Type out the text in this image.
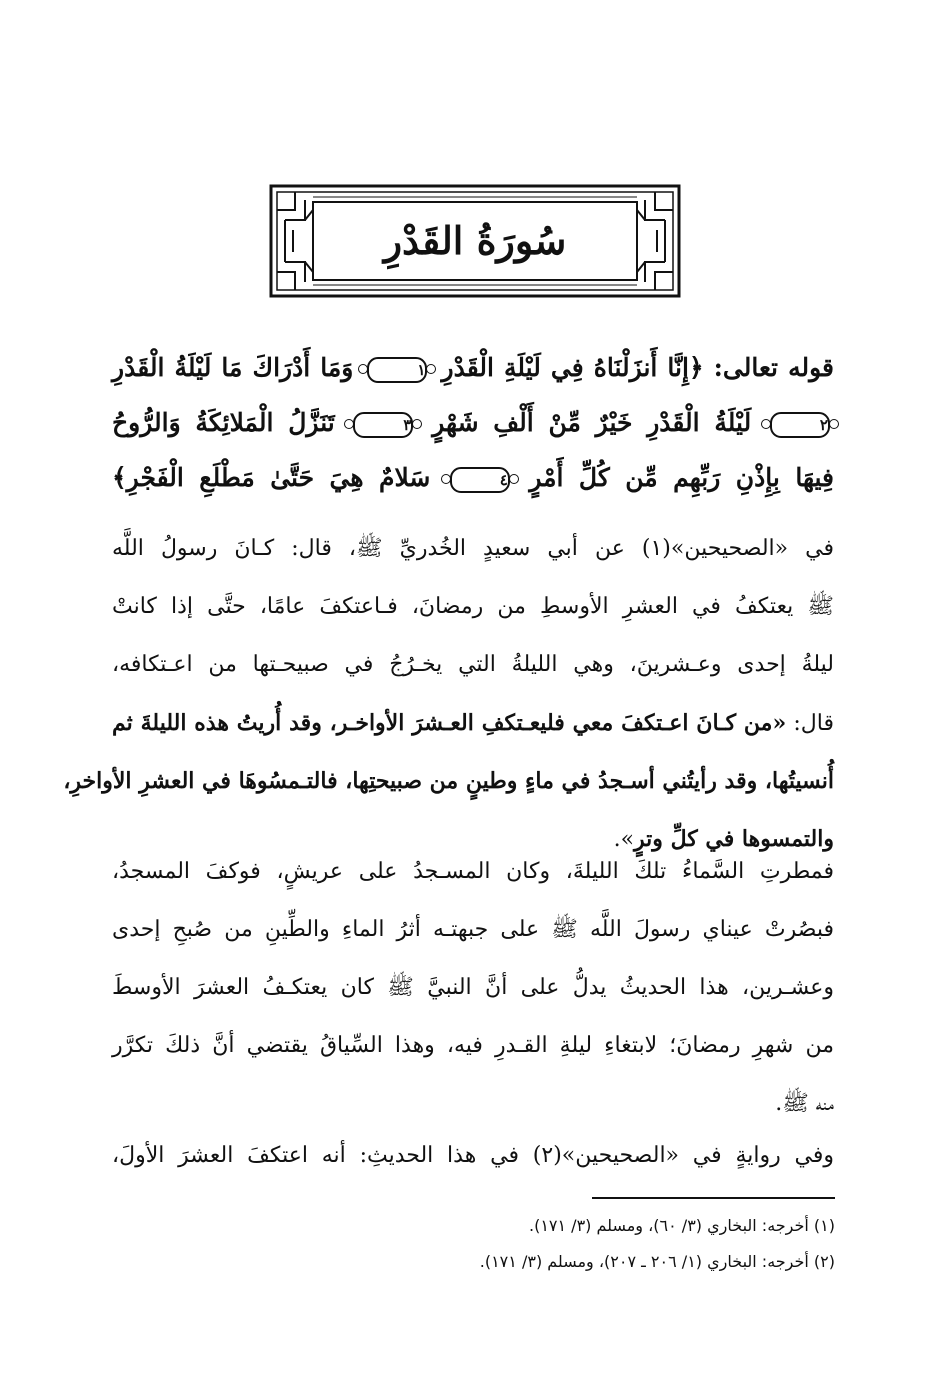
سُورَةُ القَدْرِ
قوله تعالى: ﴿إِنَّا أَنزَلْنَاهُ فِي لَيْلَةِ الْقَدْرِ ١ وَمَا أَدْرَاكَ مَا لَيْلَةُ الْقَدْرِ
٢ لَيْلَةُ الْقَدْرِ خَيْرٌ مِّنْ أَلْفِ شَهْرٍ ٣ تَنَزَّلُ الْمَلائِكَةُ وَالرُّوحُ
فِيهَا بِإِذْنِ رَبِّهِم مِّن كُلِّ أَمْرٍ ٤ سَلامٌ هِيَ حَتَّىٰ مَطْلَعِ الْفَجْرِ﴾
في «الصحيحين»(١) عن أبي سعيدٍ الخُدريِّ ﷺ، قال: كـانَ رسولُ اللَّه
ﷺ يعتكفُ في العشرِ الأوسطِ من رمضانَ، فـاعتكفَ عامًا، حتَّى إذا كانتْ
ليلةُ إحدى وعـشرينَ، وهي الليلةُ التي يخـرُجُ في صبيحـتها من اعـتكافه،
قال: «من كـانَ اعـتكفَ معي فليعـتكفِ العـشرَ الأواخـر، وقد أُريتُ هذه الليلةَ ثم
أُنسيتُها، وقد رأيتُني أسـجدُ في ماءٍ وطينٍ من صبيحتِها، فالتـمسُوهَا في العشرِ الأواخرِ،
والتمسوها في كلِّ وترٍ».
فمطرتِ السَّماءُ تلكَ الليلةَ، وكان المسـجدُ على عريشٍ، فوكفَ المسجدُ،
فبصُرتْ عيناي رسولَ اللَّه ﷺ على جبهتـه أثرُ الماءِ والطِّينِ من صُبحِ إحدى
وعشـرين، هذا الحديثُ يدلُّ على أنَّ النبيَّ ﷺ كان يعتكـفُ العشرَ الأوسطَ
من شهرِ رمضانَ؛ لابتغاءِ ليلةِ القـدرِ فيه، وهذا السِّياقُ يقتضي أنَّ ذلكَ تكرَّر
منه ﷺ.
وفي روايةٍ في «الصحيحين»(٢) في هذا الحديثِ: أنه اعتكفَ العشرَ الأولَ،
(١) أخرجه: البخاري (٣/ ٦٠)، ومسلم (٣/ ١٧١).
(٢) أخرجه: البخاري (١/ ٢٠٦ ـ ٢٠٧)، ومسلم (٣/ ١٧١).
